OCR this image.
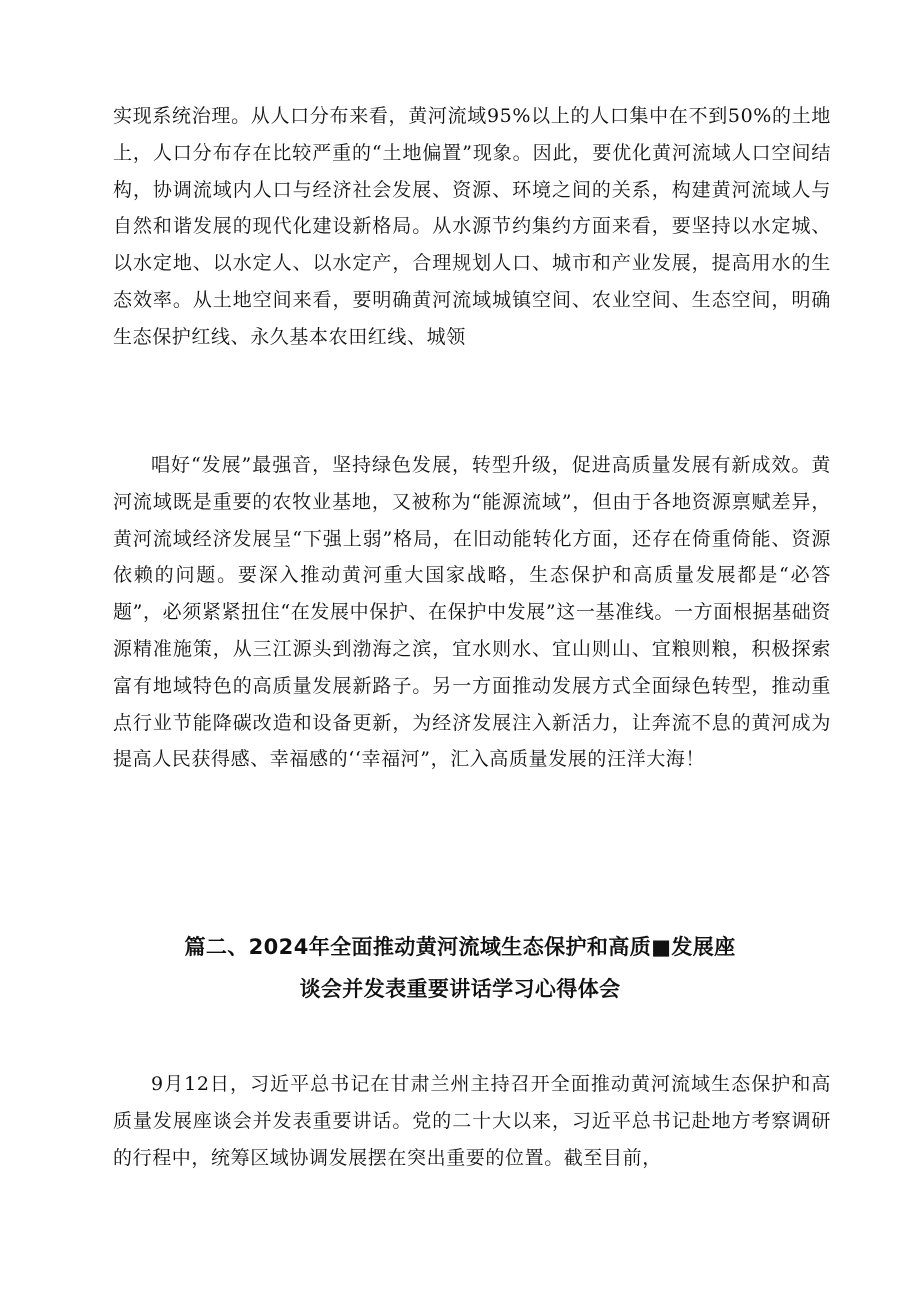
实现系统治理。从人口分布来看，黄河流域95%以上的人口集中在不到50%的土地上，人口分布存在比较严重的“土地偏置”现象。因此，要优化黄河流域人口空间结构，协调流域内人口与经济社会发展、资源、环境之间的关系，构建黄河流域人与自然和谐发展的现代化建设新格局。从水源节约集约方面来看，要坚持以水定城、以水定地、以水定人、以水定产，合理规划人口、城市和产业发展，提高用水的生态效率。从土地空间来看，要明确黄河流域城镇空间、农业空间、生态空间，明确生态保护红线、永久基本农田红线、城领

唱好“发展”最强音，坚持绿色发展，转型升级，促进高质量发展有新成效。黄河流域既是重要的农牧业基地，又被称为“能源流域”，但由于各地资源禀赋差异，黄河流域经济发展呈“下强上弱”格局，在旧动能转化方面，还存在倚重倚能、资源依赖的问题。要深入推动黄河重大国家战略，生态保护和高质量发展都是“必答题”，必须紧紧扭住“在发展中保护、在保护中发展”这一基准线。一方面根据基础资源精准施策，从三江源头到渤海之滨，宜水则水、宜山则山、宜粮则粮，积极探索富有地域特色的高质量发展新路子。另一方面推动发展方式全面绿色转型，推动重点行业节能降碳改造和设备更新，为经济发展注入新活力，让奔流不息的黄河成为提高人民获得感、幸福感的‘‘幸福河”，汇入高质量发展的汪洋大海！

篇二、2024年全面推动黄河流域生态保护和高质■发展座
谈会并发表重要讲话学习心得体会

9月12日，习近平总书记在甘肃兰州主持召开全面推动黄河流域生态保护和高质量发展座谈会并发表重要讲话。党的二十大以来，习近平总书记赴地方考察调研的行程中，统筹区域协调发展摆在突出重要的位置。截至目前，
